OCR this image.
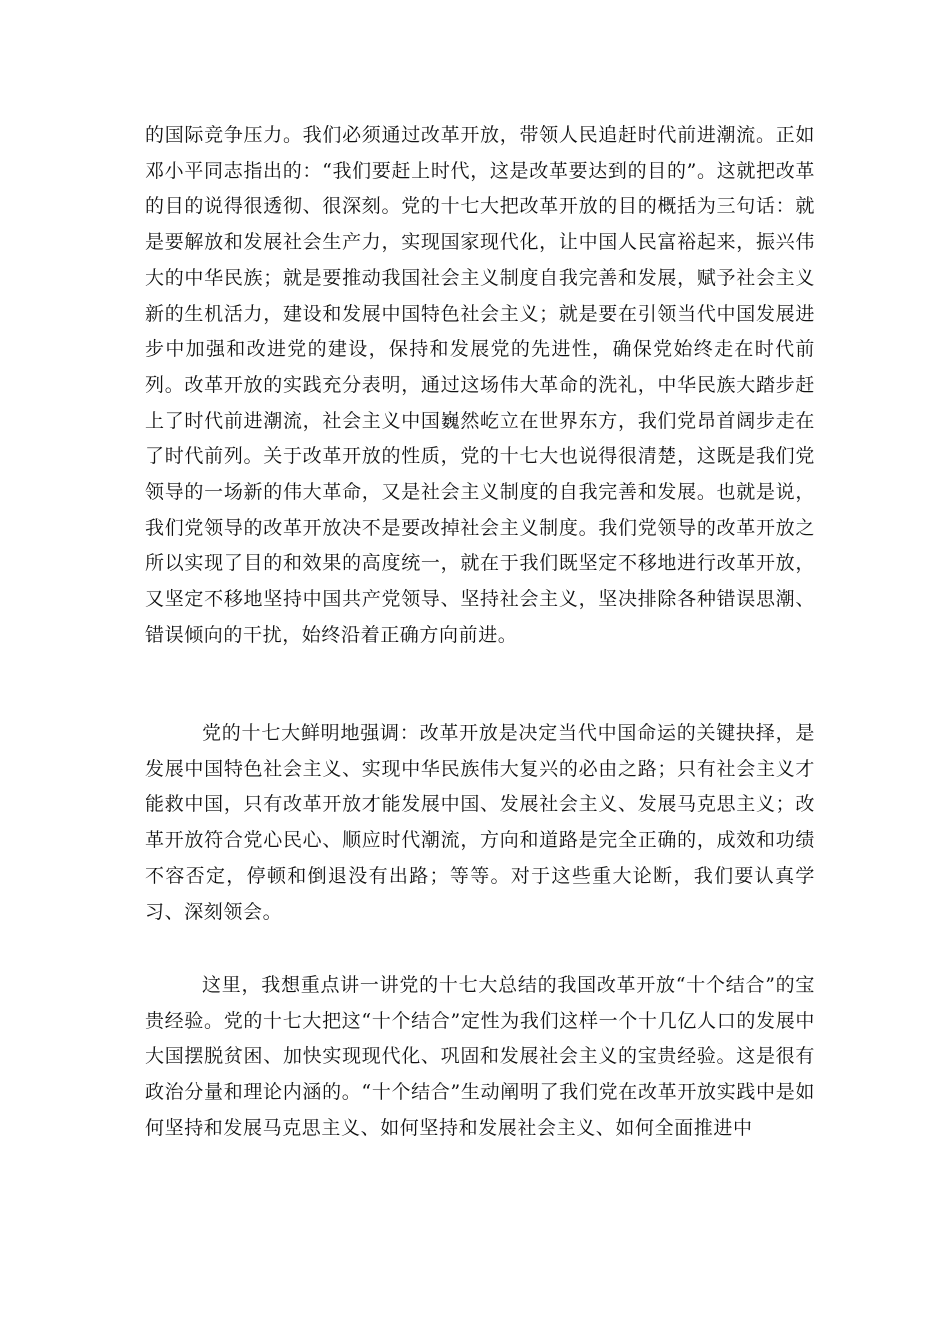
的国际竞争压力。我们必须通过改革开放，带领人民追赶时代前进潮流。正如邓小平同志指出的：“我们要赶上时代，这是改革要达到的目的”。这就把改革的目的说得很透彻、很深刻。党的十七大把改革开放的目的概括为三句话：就是要解放和发展社会生产力，实现国家现代化，让中国人民富裕起来，振兴伟大的中华民族；就是要推动我国社会主义制度自我完善和发展，赋予社会主义新的生机活力，建设和发展中国特色社会主义；就是要在引领当代中国发展进步中加强和改进党的建设，保持和发展党的先进性，确保党始终走在时代前列。改革开放的实践充分表明，通过这场伟大革命的洗礼，中华民族大踏步赶上了时代前进潮流，社会主义中国巍然屹立在世界东方，我们党昂首阔步走在了时代前列。关于改革开放的性质，党的十七大也说得很清楚，这既是我们党领导的一场新的伟大革命，又是社会主义制度的自我完善和发展。也就是说，我们党领导的改革开放决不是要改掉社会主义制度。我们党领导的改革开放之所以实现了目的和效果的高度统一，就在于我们既坚定不移地进行改革开放，又坚定不移地坚持中国共产党领导、坚持社会主义，坚决排除各种错误思潮、错误倾向的干扰，始终沿着正确方向前进。

党的十七大鲜明地强调：改革开放是决定当代中国命运的关键抉择，是发展中国特色社会主义、实现中华民族伟大复兴的必由之路；只有社会主义才能救中国，只有改革开放才能发展中国、发展社会主义、发展马克思主义；改革开放符合党心民心、顺应时代潮流，方向和道路是完全正确的，成效和功绩不容否定，停顿和倒退没有出路；等等。对于这些重大论断，我们要认真学习、深刻领会。

这里，我想重点讲一讲党的十七大总结的我国改革开放“十个结合”的宝贵经验。党的十七大把这“十个结合”定性为我们这样一个十几亿人口的发展中大国摆脱贫困、加快实现现代化、巩固和发展社会主义的宝贵经验。这是很有政治分量和理论内涵的。“十个结合”生动阐明了我们党在改革开放实践中是如何坚持和发展马克思主义、如何坚持和发展社会主义、如何全面推进中
